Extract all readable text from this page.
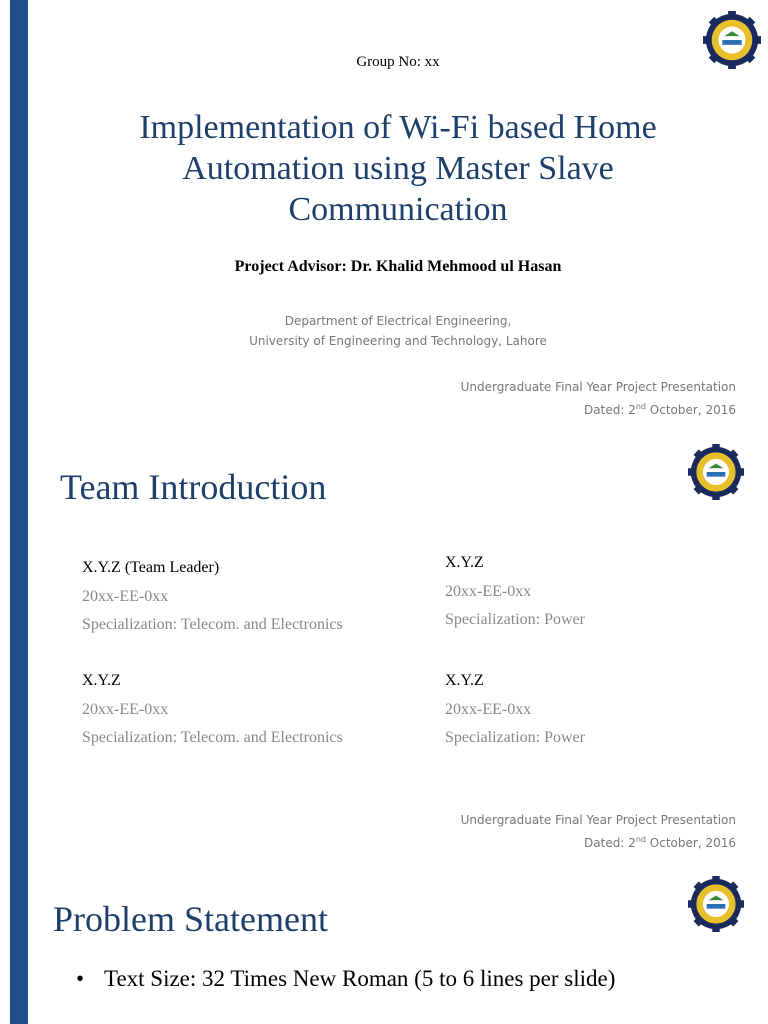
Group No: xx
Implementation of Wi-Fi based Home
Automation using Master Slave
Communication
Project Advisor: Dr. Khalid Mehmood ul Hasan
Department of Electrical Engineering,
University of Engineering and Technology, Lahore
Undergraduate Final Year Project Presentation
Dated: 2nd October, 2016
Team Introduction
X.Y.Z (Team Leader)
20xx-EE-0xx
Specialization: Telecom. and Electronics
X.Y.Z
20xx-EE-0xx
Specialization: Power
X.Y.Z
20xx-EE-0xx
Specialization: Telecom. and Electronics
X.Y.Z
20xx-EE-0xx
Specialization: Power
Undergraduate Final Year Project Presentation
Dated: 2nd October, 2016
Problem Statement
• Text Size: 32 Times New Roman (5 to 6 lines per slide)
